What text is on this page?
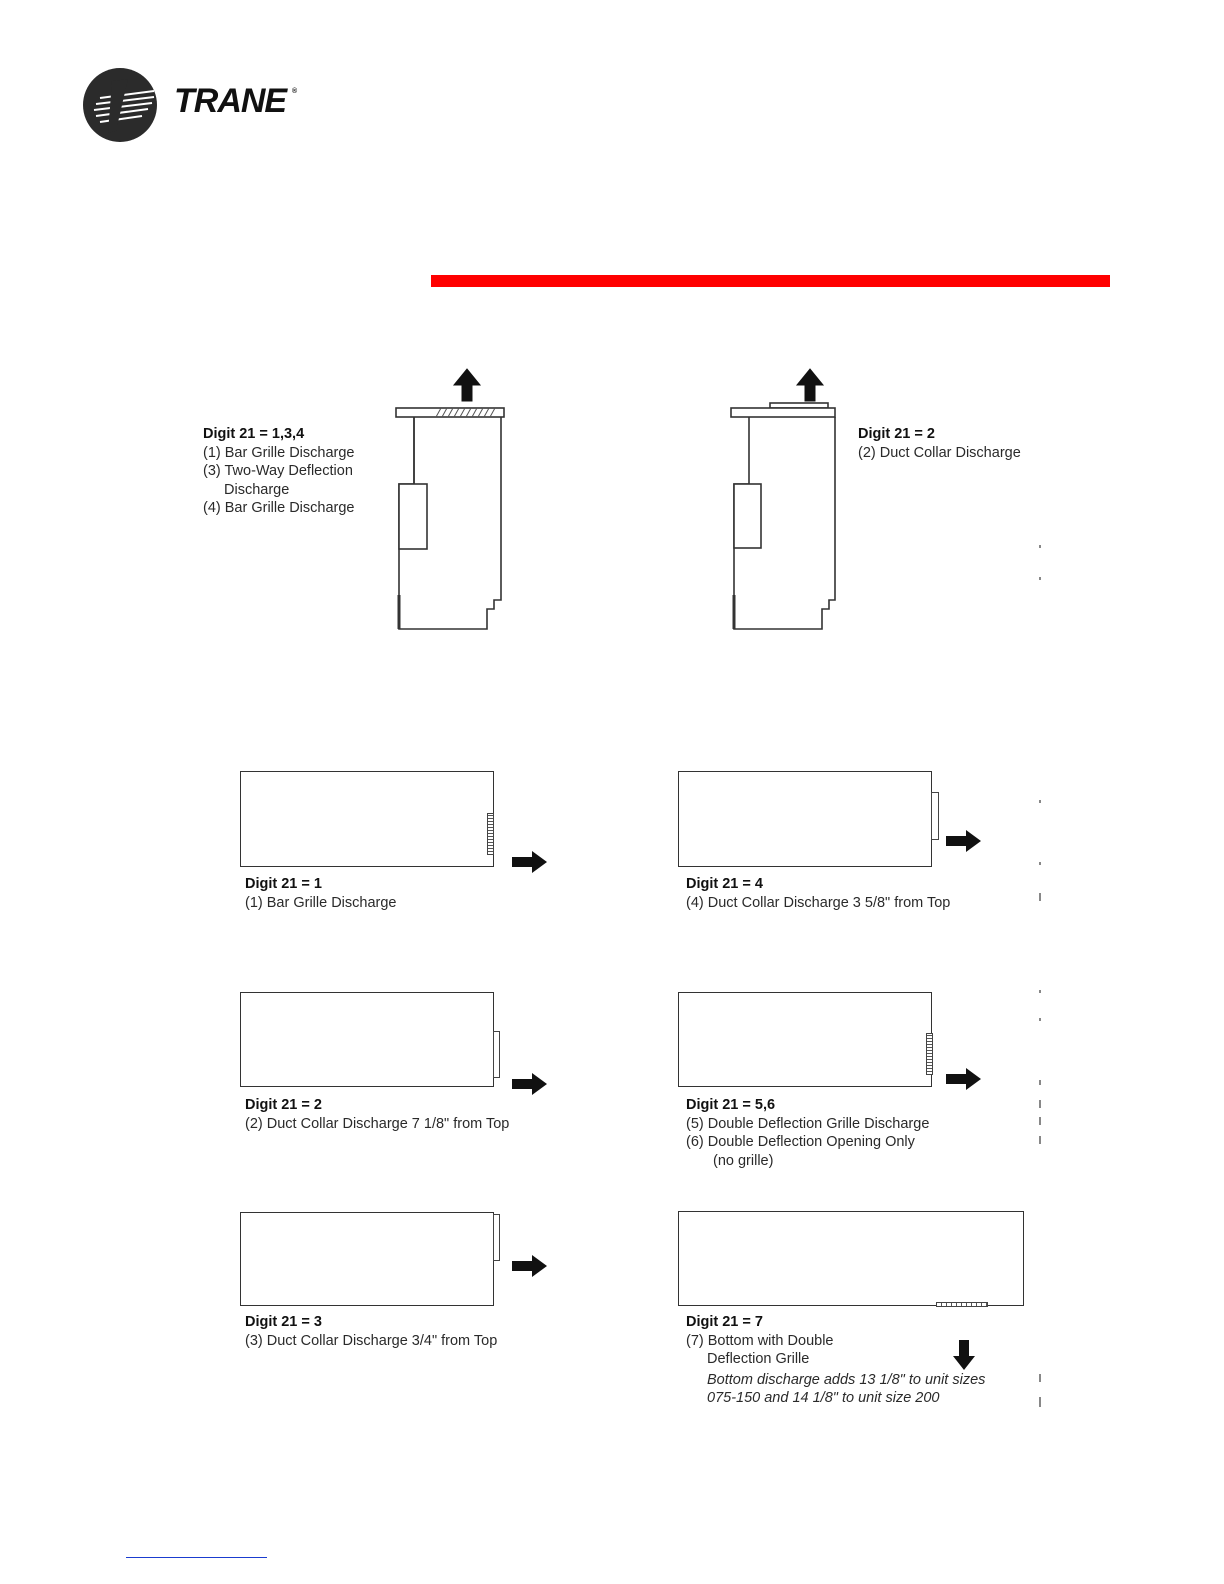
TRANE ®
Digit 21 = 1,3,4
(1) Bar Grille Discharge
(3) Two-Way Deflection
Discharge
(4) Bar Grille Discharge
Digit 21 = 2
(2) Duct Collar Discharge
Digit 21 = 1
(1) Bar Grille Discharge
Digit 21 = 4
(4) Duct Collar Discharge 3 5/8" from Top
Digit 21 = 2
(2) Duct Collar Discharge 7 1/8" from Top
Digit 21 = 5,6
(5) Double Deflection Grille Discharge
(6) Double Deflection Opening Only
(no grille)
Digit 21 = 3
(3) Duct Collar Discharge 3/4" from Top
Digit 21 = 7
(7) Bottom with Double
Deflection Grille
Bottom discharge adds 13 1/8" to unit sizes
075-150 and 14 1/8" to unit size 200
